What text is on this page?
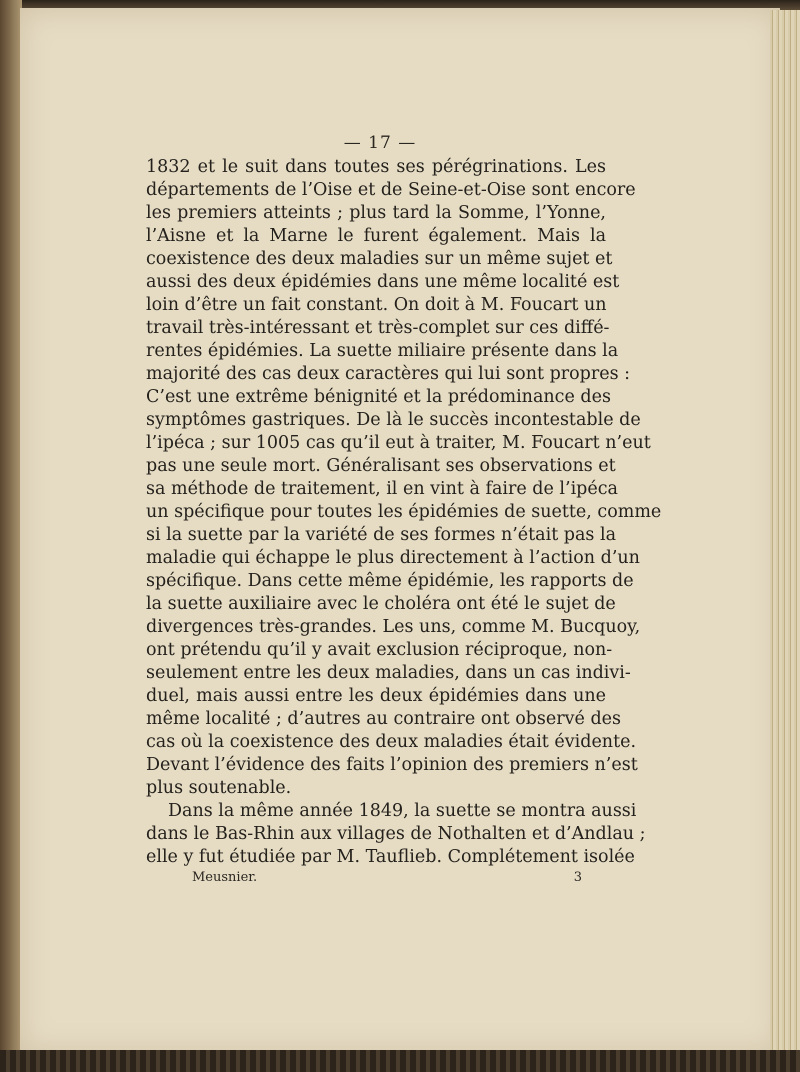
— 17 —
1832 et le suit dans toutes ses pérégrinations. Les
départements de l’Oise et de Seine-et-Oise sont encore
les premiers atteints ; plus tard la Somme, l’Yonne,
l’Aisne et la Marne le furent également. Mais la
coexistence des deux maladies sur un même sujet et
aussi des deux épidémies dans une même localité est
loin d’être un fait constant. On doit à M. Foucart un
travail très-intéressant et très-complet sur ces diffé-
rentes épidémies. La suette miliaire présente dans la
majorité des cas deux caractères qui lui sont propres :
C’est une extrême bénignité et la prédominance des
symptômes gastriques. De là le succès incontestable de
l’ipéca ; sur 1005 cas qu’il eut à traiter, M. Foucart n’eut
pas une seule mort. Généralisant ses observations et
sa méthode de traitement, il en vint à faire de l’ipéca
un spécifique pour toutes les épidémies de suette, comme
si la suette par la variété de ses formes n’était pas la
maladie qui échappe le plus directement à l’action d’un
spécifique. Dans cette même épidémie, les rapports de
la suette auxiliaire avec le choléra ont été le sujet de
divergences très-grandes. Les uns, comme M. Bucquoy,
ont prétendu qu’il y avait exclusion réciproque, non-
seulement entre les deux maladies, dans un cas indivi-
duel, mais aussi entre les deux épidémies dans une
même localité ; d’autres au contraire ont observé des
cas où la coexistence des deux maladies était évidente.
Devant l’évidence des faits l’opinion des premiers n’est
plus soutenable.
Dans la même année 1849, la suette se montra aussi
dans le Bas-Rhin aux villages de Nothalten et d’Andlau ;
elle y fut étudiée par M. Tauflieb. Complétement isolée
Meusnier.	3
